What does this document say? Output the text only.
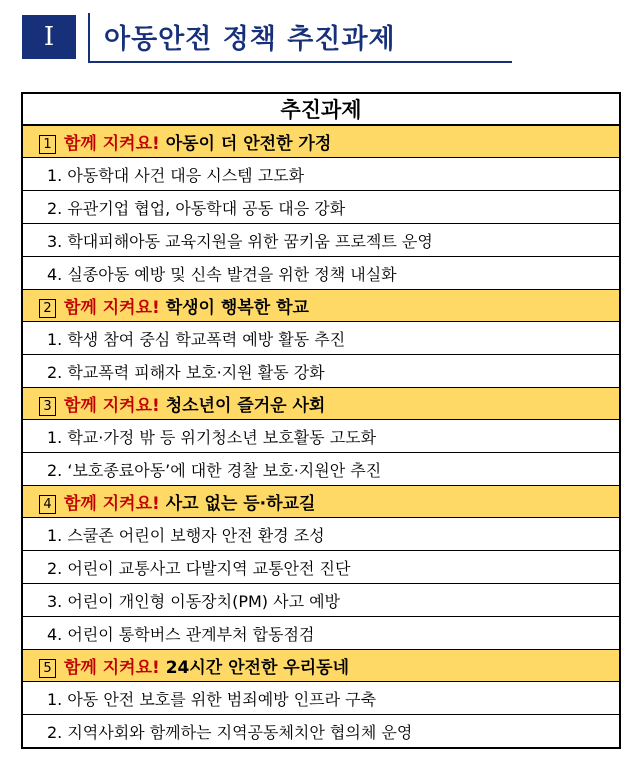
Ⅰ	아동안전 정책 추진과제
추진과제
1 함께 지켜요! 아동이 더 안전한 가정
1. 아동학대 사건 대응 시스템 고도화
2. 유관기업 협업, 아동학대 공동 대응 강화
3. 학대피해아동 교육지원을 위한 꿈키움 프로젝트 운영
4. 실종아동 예방 및 신속 발견을 위한 정책 내실화
2 함께 지켜요! 학생이 행복한 학교
1. 학생 참여 중심 학교폭력 예방 활동 추진
2. 학교폭력 피해자 보호·지원 활동 강화
3 함께 지켜요! 청소년이 즐거운 사회
1. 학교·가정 밖 등 위기청소년 보호활동 고도화
2. ‘보호종료아동’에 대한 경찰 보호·지원안 추진
4 함께 지켜요! 사고 없는 등·하교길
1. 스쿨존 어린이 보행자 안전 환경 조성
2. 어린이 교통사고 다발지역 교통안전 진단
3. 어린이 개인형 이동장치(PM) 사고 예방
4. 어린이 통학버스 관계부처 합동점검
5 함께 지켜요! 24시간 안전한 우리동네
1. 아동 안전 보호를 위한 범죄예방 인프라 구축
2. 지역사회와 함께하는 지역공동체치안 협의체 운영
